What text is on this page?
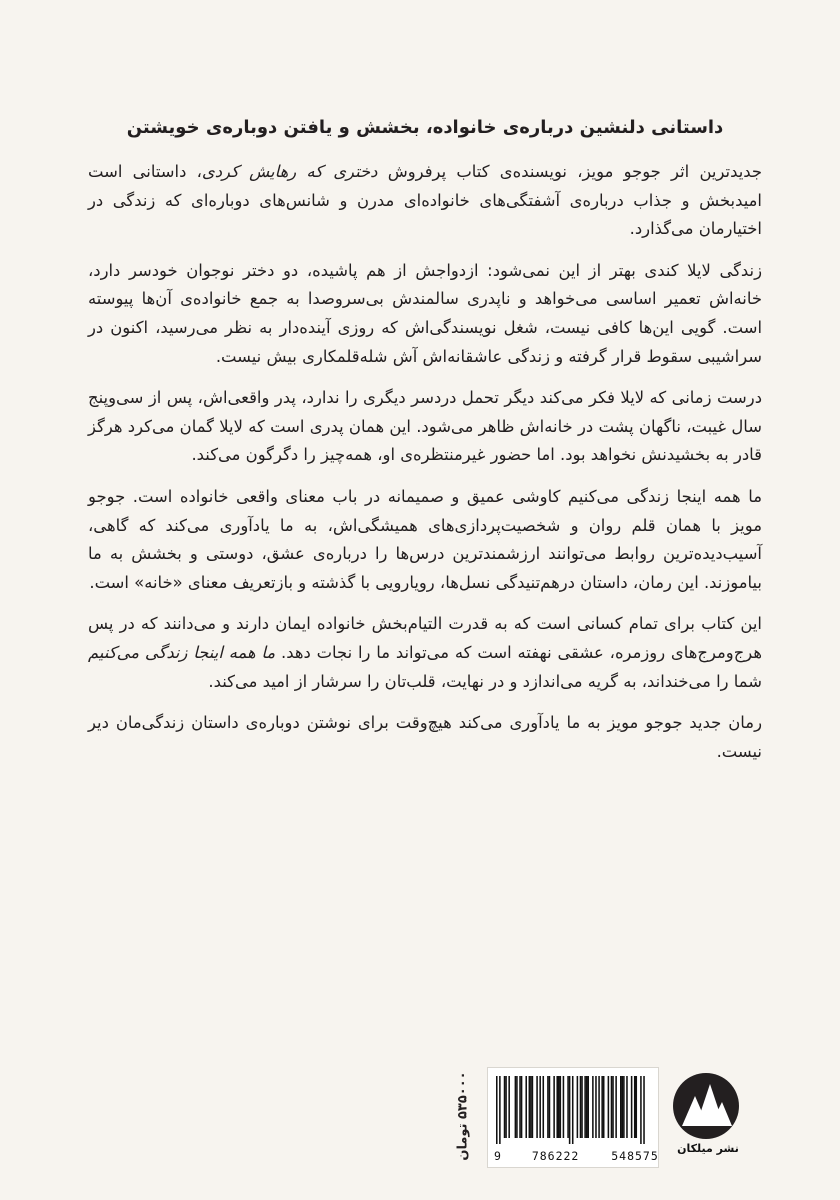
داستانی دلنشین درباره‌ی خانواده، بخشش و یافتن دوباره‌ی خویشتن

جدیدترین اثر جوجو مویز، نویسنده‌ی کتاب پرفروش دختری که رهایش کردی، داستانی است امیدبخش و جذاب درباره‌ی آشفتگی‌های خانواده‌ای مدرن و شانس‌های دوباره‌ای که زندگی در اختیارمان می‌گذارد.

زندگی لایلا کندی بهتر از این نمی‌شود: ازدواجش از هم پاشیده، دو دختر نوجوان خودسر دارد، خانه‌اش تعمیر اساسی می‌خواهد و ناپدری سالمندش بی‌سروصدا به جمع خانواده‌ی آن‌ها پیوسته است. گویی این‌ها کافی نیست، شغل نویسندگی‌اش که روزی آینده‌دار به نظر می‌رسید، اکنون در سراشیبی سقوط قرار گرفته و زندگی عاشقانه‌اش آش شله‌قلمکاری بیش نیست.

درست زمانی که لایلا فکر می‌کند دیگر تحمل دردسر دیگری را ندارد، پدر واقعی‌اش، پس از سی‌وپنج سال غیبت، ناگهان پشت در خانه‌اش ظاهر می‌شود. این همان پدری است که لایلا گمان می‌کرد هرگز قادر به بخشیدنش نخواهد بود. اما حضور غیرمنتظره‌ی او، همه‌چیز را دگرگون می‌کند.

ما همه اینجا زندگی می‌کنیم کاوشی عمیق و صمیمانه در باب معنای واقعی خانواده است. جوجو مویز با همان قلم روان و شخصیت‌پردازی‌های همیشگی‌اش، به ما یادآوری می‌کند که گاهی، آسیب‌دیده‌ترین روابط می‌توانند ارزشمندترین درس‌ها را درباره‌ی عشق، دوستی و بخشش به ما بیاموزند. این رمان، داستان درهم‌تنیدگی نسل‌ها، رویارویی با گذشته و بازتعریف معنای «خانه» است.

این کتاب برای تمام کسانی است که به قدرت التیام‌بخش خانواده ایمان دارند و می‌دانند که در پس هرج‌ومرج‌های روزمره، عشقی نهفته است که می‌تواند ما را نجات دهد. ما همه اینجا زندگی می‌کنیم شما را می‌خنداند، به گریه می‌اندازد و در نهایت، قلب‌تان را سرشار از امید می‌کند.

رمان جدید جوجو مویز به ما یادآوری می‌کند هیچ‌وقت برای نوشتن دوباره‌ی داستان زندگی‌مان دیر نیست.

۵۳۵۰۰۰ تومان
9	786222	548575
نشر میلکان
